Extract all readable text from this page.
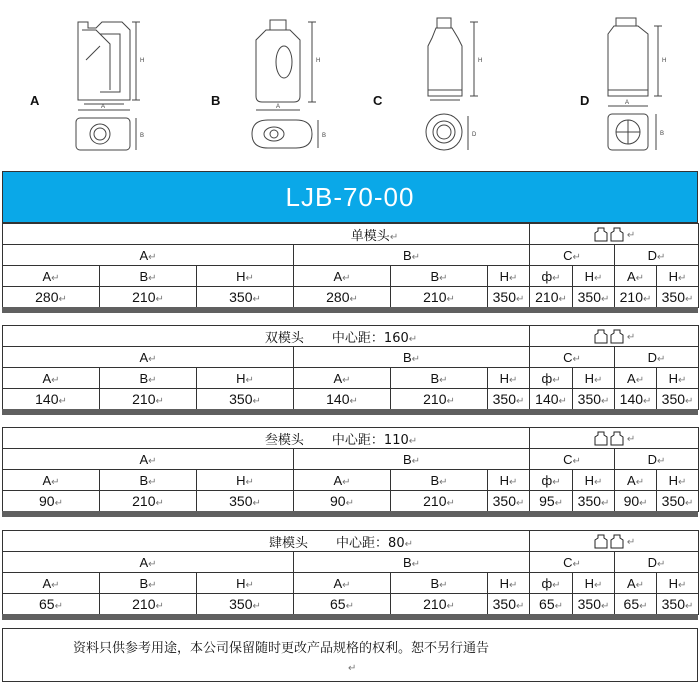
H
A
B
H
A
B
H
D
H
A
B
A	B	C	D
LJB-70-00
单模头↵						↵			
A↵			B↵			C↵		D↵	
A↵	B↵	H↵	A↵	B↵	H↵	ф↵	H↵	A↵	H↵
280↵	210↵	350↵	280↵	210↵	350↵	210↵	350↵	210↵	350↵
双模头 中心距：160↵						↵			
A↵			B↵			C↵		D↵	
A↵	B↵	H↵	A↵	B↵	H↵	ф↵	H↵	A↵	H↵
140↵	210↵	350↵	140↵	210↵	350↵	140↵	350↵	140↵	350↵
叁模头 中心距：110↵						↵			
A↵			B↵			C↵		D↵	
A↵	B↵	H↵	A↵	B↵	H↵	ф↵	H↵	A↵	H↵
90↵	210↵	350↵	90↵	210↵	350↵	95↵	350↵	90↵	350↵
肆模头 中心距：80↵						↵			
A↵			B↵			C↵		D↵	
A↵	B↵	H↵	A↵	B↵	H↵	ф↵	H↵	A↵	H↵
65↵	210↵	350↵	65↵	210↵	350↵	65↵	350↵	65↵	350↵
资料只供参考用途，本公司保留随时更改产品规格的权利。恕不另行通告
↵
